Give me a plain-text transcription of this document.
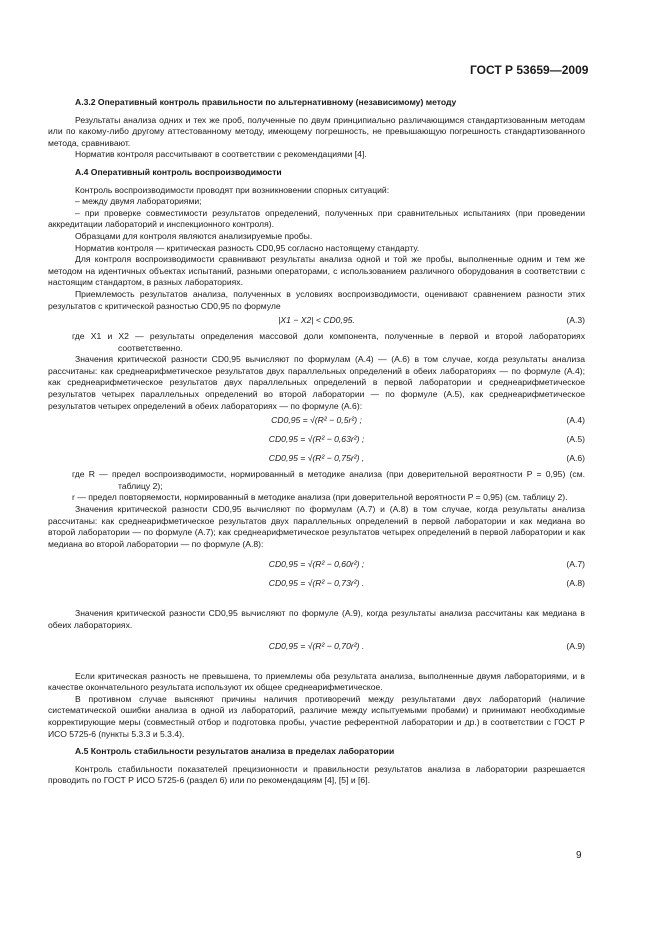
ГОСТ Р 53659—2009

А.3.2 Оперативный контроль правильности по альтернативному (независимому) методу

Результаты анализа одних и тех же проб, полученные по двум принципиально различающимся стандартизованным методам или по какому-либо другому аттестованному методу, имеющему погрешность, не превышающую погрешность стандартизованного метода, сравнивают.

Норматив контроля рассчитывают в соответствии с рекомендациями [4].

А.4 Оперативный контроль воспроизводимости

Контроль воспроизводимости проводят при возникновении спорных ситуаций:

– между двумя лабораториями;

– при проверке совместимости результатов определений, полученных при сравнительных испытаниях (при проведении аккредитации лабораторий и инспекционного контроля).

Образцами для контроля являются анализируемые пробы.

Норматив контроля — критическая разность CD0,95 согласно настоящему стандарту.

Для контроля воспроизводимости сравнивают результаты анализа одной и той же пробы, выполненные одним и тем же методом на идентичных объектах испытаний, разными операторами, с использованием различного оборудования в соответствии с настоящим стандартом, в разных лабораториях.

Приемлемость результатов анализа, полученных в условиях воспроизводимости, оценивают сравнением разности этих результатов с критической разностью CD0,95 по формуле

|X1 − X2| < CD0,95.	(А.3)

где X1 и X2 — результаты определения массовой доли компонента, полученные в первой и второй лабораториях соответственно.

Значения критической разности CD0,95 вычисляют по формулам (А.4) — (А.6) в том случае, когда результаты анализа рассчитаны: как среднеарифметическое результатов двух параллельных определений в обеих лабораториях — по формуле (А.4); как среднеарифметическое результатов двух параллельных определений в первой лаборатории и среднеарифметическое результатов четырех параллельных определений во второй лаборатории — по формуле (А.5), как среднеарифметическое результатов четырех определений в обеих лабораториях — по формуле (А.6):

CD0,95 = √(R² − 0,5r²) ;	(А.4)
CD0,95 = √(R² − 0,63r²) ;	(А.5)
CD0,95 = √(R² − 0,75r²) ,	(А.6)

где R — предел воспроизводимости, нормированный в методике анализа (при доверительной вероятности P = 0,95) (см. таблицу 2);

r — предел повторяемости, нормированный в методике анализа (при доверительной вероятности P = 0,95) (см. таблицу 2).

Значения критической разности CD0,95 вычисляют по формулам (А.7) и (А.8) в том случае, когда результаты анализа рассчитаны: как среднеарифметическое результатов двух параллельных определений в первой лаборатории и как медиана во второй лаборатории — по формуле (А.7); как среднеарифметическое результатов четырех определений в первой лаборатории и как медиана во второй лаборатории — по формуле (А.8):

CD0,95 = √(R² − 0,60r²) ;	(А.7)
CD0,95 = √(R² − 0,73r²) .	(А.8)

Значения критической разности CD0,95 вычисляют по формуле (А.9), когда результаты анализа рассчитаны как медиана в обеих лабораториях.

CD0,95 = √(R² − 0,70r²) .	(А.9)

Если критическая разность не превышена, то приемлемы оба результата анализа, выполненные двумя лабораториями, и в качестве окончательного результата используют их общее среднеарифметическое.

В противном случае выясняют причины наличия противоречий между результатами двух лабораторий (наличие систематической ошибки анализа в одной из лабораторий, различие между испытуемыми пробами) и принимают необходимые корректирующие меры (совместный отбор и подготовка пробы, участие референтной лаборатории и др.) в соответствии с ГОСТ Р ИСО 5725-6 (пункты 5.3.3 и 5.3.4).

А.5 Контроль стабильности результатов анализа в пределах лаборатории

Контроль стабильности показателей прецизионности и правильности результатов анализа в лаборатории разрешается проводить по ГОСТ Р ИСО 5725-6 (раздел 6) или по рекомендациям [4], [5] и [6].

9
